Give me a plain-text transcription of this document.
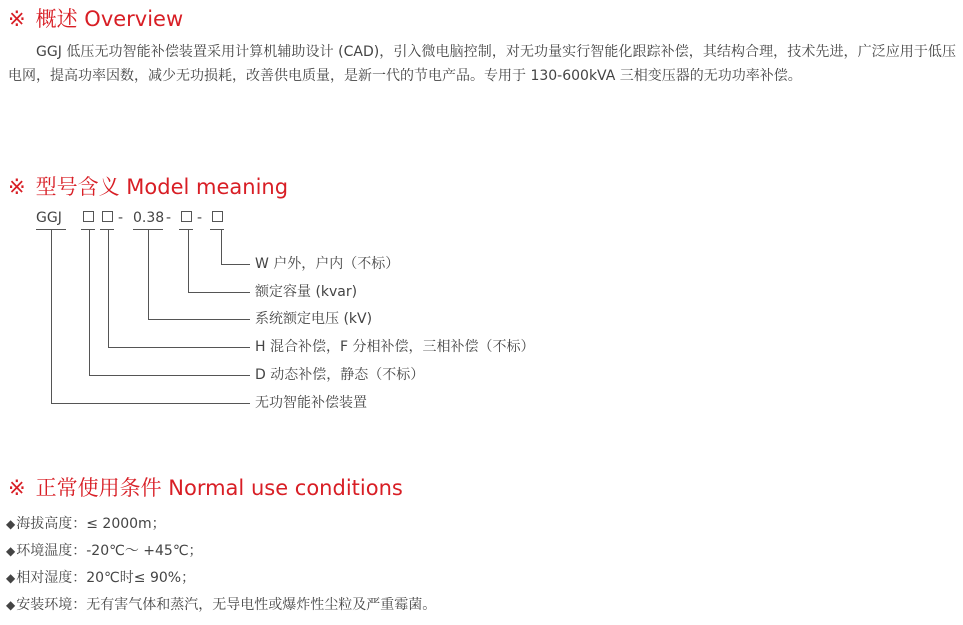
※ 概述 Overview

GGJ 低压无功智能补偿装置采用计算机辅助设计 (CAD)，引入微电脑控制，对无功量实行智能化跟踪补偿，其结构合理，技术先进，广泛应用于低压电网，提高功率因数，减少无功损耗，改善供电质量，是新一代的节电产品。专用于 130-600kVA 三相变压器的无功功率补偿。

※ 型号含义 Model meaning
GGJ	- 0.38 - -
W 户外，户内（不标）
额定容量 (kvar)
系统额定电压 (kV)
H 混合补偿，F 分相补偿，三相补偿（不标）
D 动态补偿，静态（不标）
无功智能补偿装置
※ 正常使用条件 Normal use conditions
◆海拔高度：≤ 2000m；
◆环境温度：-20℃～ +45℃；
◆相对湿度：20℃时≤ 90%；
◆安装环境：无有害气体和蒸汽，无导电性或爆炸性尘粒及严重霉菌。
